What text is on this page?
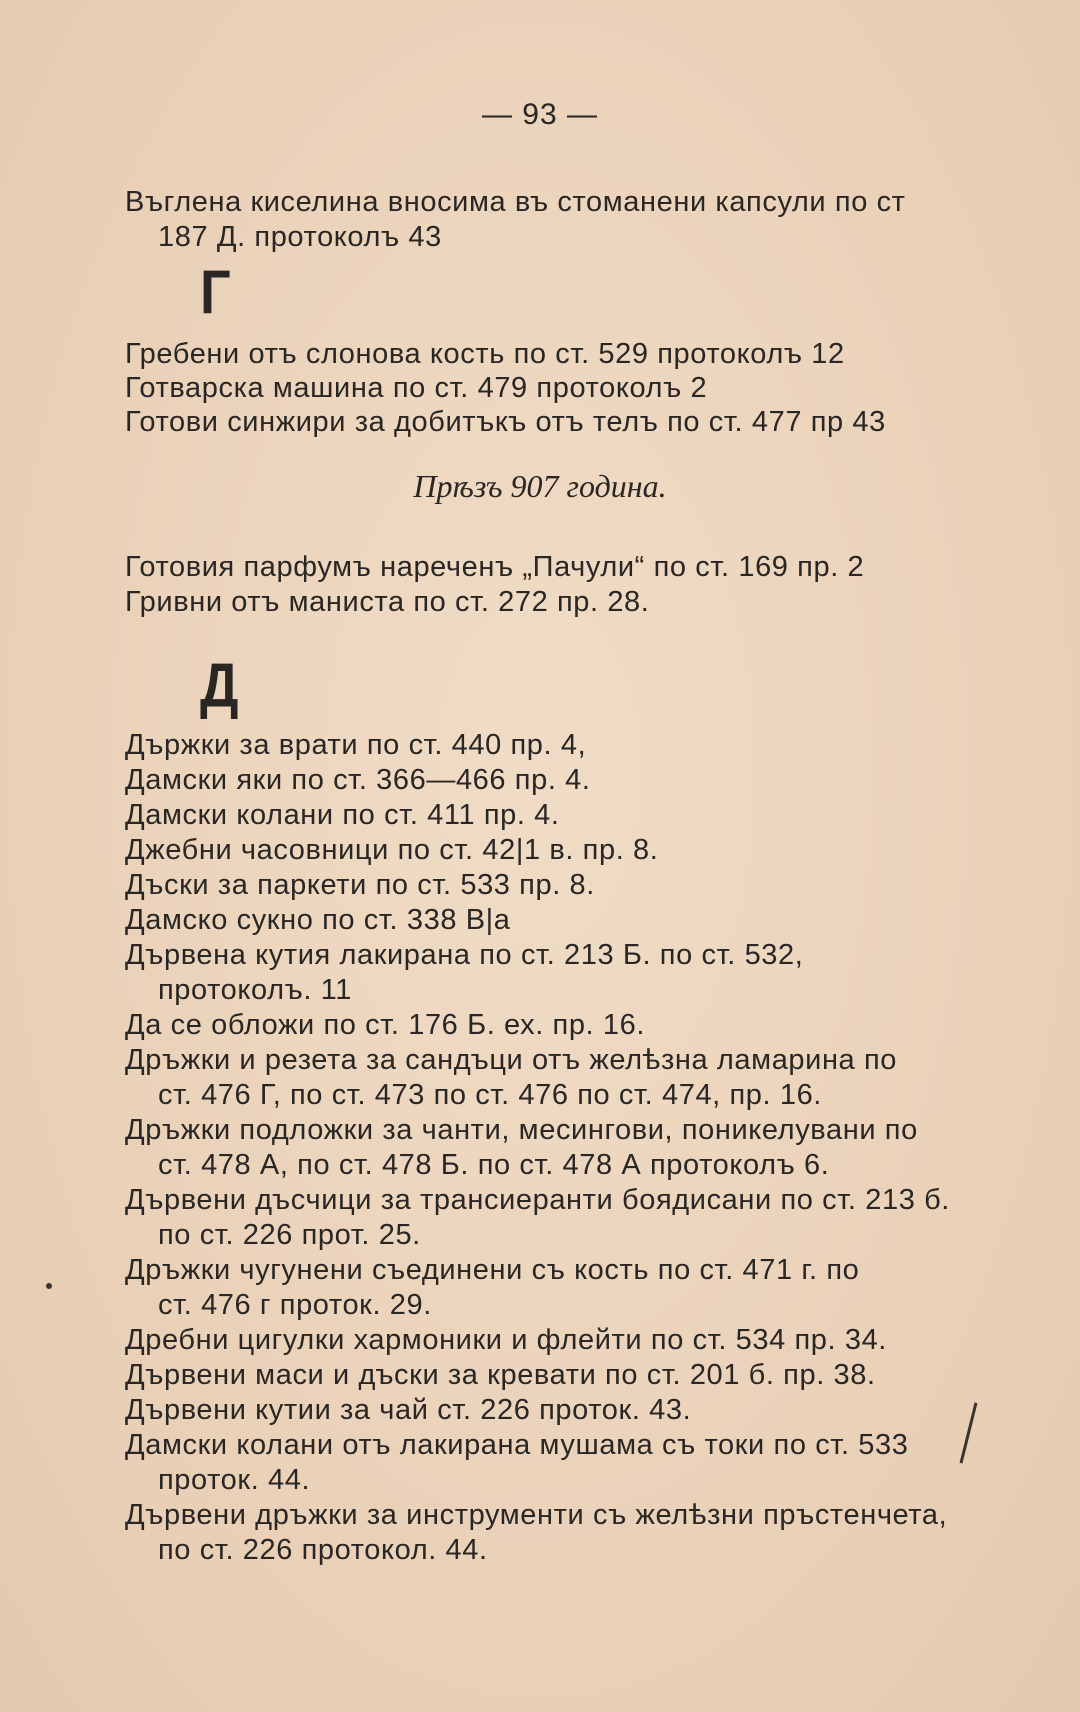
— 93 —
Въглена киселина вносима въ стоманени капсули по ст
187 Д. протоколъ 43
Г
Гребени отъ слонова кость по ст. 529 протоколъ 12
Готварска машина по ст. 479 протоколъ 2
Готови синжири за добитъкъ отъ телъ по ст. 477 пр 43
Прѣзъ 907 година.
Готовия парфумъ нареченъ „Пачули“ по ст. 169 пр. 2
Гривни отъ маниста по ст. 272 пр. 28.
Д
Държки за врати по ст. 440 пр. 4,
Дамски яки по ст. 366—466 пр. 4.
Дамски колани по ст. 411 пр. 4.
Джебни часовници по ст. 42|1 в. пр. 8.
Дъски за паркети по ст. 533 пр. 8.
Дамско сукно по ст. 338 В|а
Дървена кутия лакирана по ст. 213 Б. по ст. 532,
протоколъ. 11
Да се обложи по ст. 176 Б. ех. пр. 16.
Дръжки и резета за сандъци отъ желѣзна ламарина по
ст. 476 Г, по ст. 473 по ст. 476 по ст. 474, пр. 16.
Дръжки подложки за чанти, месингови, поникелувани по
ст. 478 А, по ст. 478 Б. по ст. 478 А протоколъ 6.
Дървени дъсчици за трансиеранти боядисани по ст. 213 б.
по ст. 226 прот. 25.
Дръжки чугунени съединени съ кость по ст. 471 г. по
ст. 476 г проток. 29.
Дребни цигулки хармоники и флейти по ст. 534 пр. 34.
Дървени маси и дъски за кревати по ст. 201 б. пр. 38.
Дървени кутии за чай ст. 226 проток. 43.
Дамски колани отъ лакирана мушама съ токи по ст. 533
проток. 44.
Дървени дръжки за инструменти съ желѣзни пръстенчета,
по ст. 226 протокол. 44.
